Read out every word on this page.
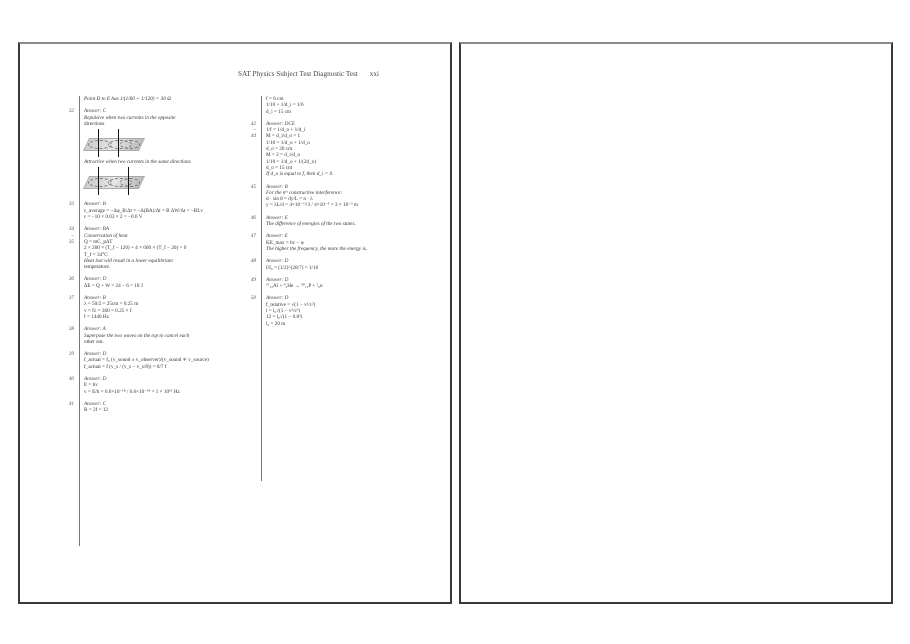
SAT Physics Subject Test Diagnostic Test xxi
Point D to E has 1/(1/60 + 1/120) = 30 Ω
32 Answer: C
Repulsive when two currents in the opposite
directions
Attractive when two currents in the same directions
33 Answer: B
ε_average = −Δφ_B/Δt = −Δ(BA)/Δt = B ΔW/Δt = −BLv
ε = −10 × 0.03 × 2 = −0.6 V
34
–
35
Answer: BA
Conservation of heat
Q = mC_pΔT
2 × 200 × (T_f − 120) + 4 × 600 × (T_f − 20) = 0
T_f = 34°C
Heat lost will result in a lower equilibrium
temperature.
36 Answer: D
ΔE = Q + W = 24 − 6 = 18 J
37 Answer: B
λ = 50/2 = 25cm = 0.25 m
v = fλ = 360 = 0.25 × f
f = 1440 Hz
38 Answer: A
Superpose the two waves on the top to cancel each
other out.
39 Answer: D
f_actual = f₀ (v_sound ± v_observer)/(v_sound ∓ v_source)
f_actual = f (v_s / (v_s − v_s/8)) = 8/7 f
40 Answer: D
E = hv
v = E/h = 6.6×10⁻¹⁸ / 6.6×10⁻³⁴ = 1 × 10¹⁶ Hz
41 Answer: C
R = 2f = 12
f = 6 cm
1/10 + 1/d_i = 1/6
d_i = 15 cm
42
–
44
Answer: DCE
1/f = 1/d_o + 1/d_i
M = d_i/d_o = 1
1/10 = 1/d_o + 1/d_o
d_o = 20 cm
M = 2 = d_i/d_o
1/10 = 1/d_o + 1/(2d_o)
d_o = 15 cm
If d_o is equal to f, then d_i = 0.
45 Answer: B
For the nᵗʰ constructive interference:
d · sin θ = dy/L = n · λ
y = λL/d = 4×10⁻⁷×3 / 4×10⁻⁵ = 3 × 10⁻² m
46 Answer: E
The difference of energies of the two states.
47 Answer: E
KE_max = hv − φ
The higher the frequency, the more the energy is.
48 Answer: D
I/I₀ = (1/2)^(28/7) = 1/16
49 Answer: D
²⁷₁₃Al + ⁴₂He → ³⁰₁₅P + ¹₀n
50 Answer: D
f_relative = √(1 − v²/c²)
l = l₀√(1 − v²/c²)
12 = l₀√(1 − 0.8²)
l₀ = 20 m
